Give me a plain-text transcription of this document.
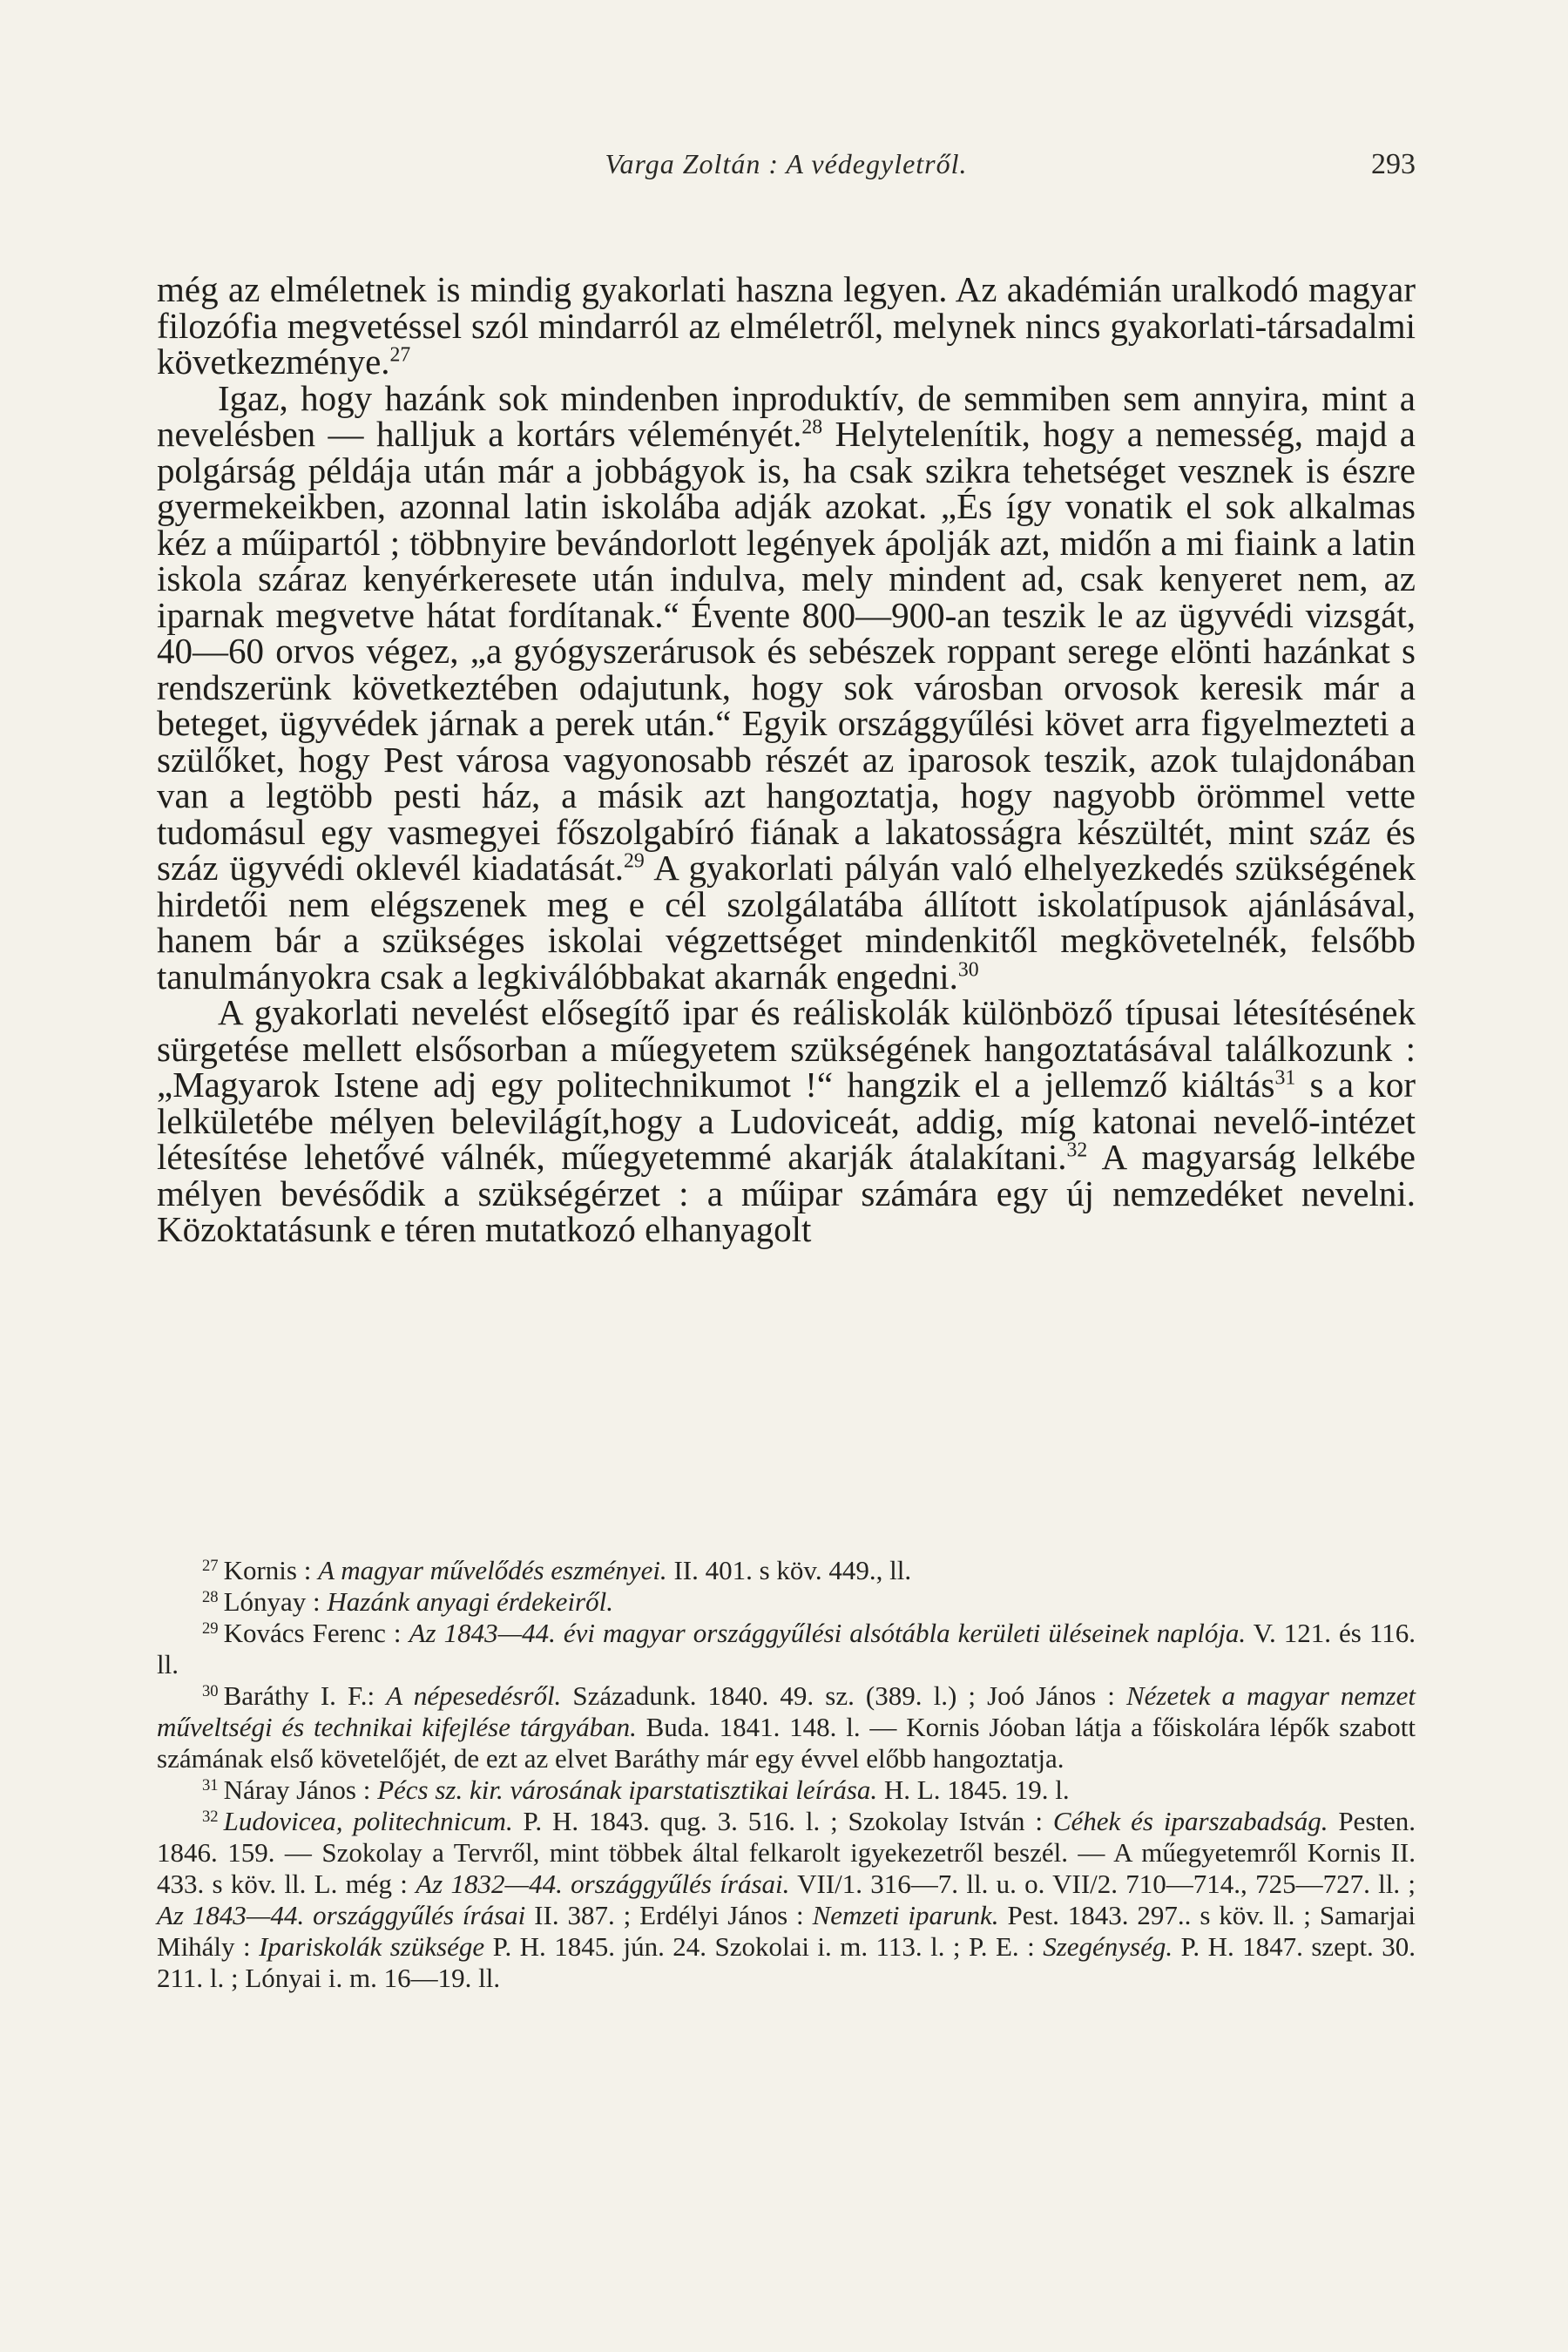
Varga Zoltán : A védegyletről.	293

még az elméletnek is mindig gyakorlati haszna legyen. Az akadémián uralkodó magyar filozófia megvetéssel szól mindarról az elméletről, melynek nincs gyakorlati-társadalmi következménye.$^{27}$

Igaz, hogy hazánk sok mindenben inproduktív, de semmiben sem annyira, mint a nevelésben — halljuk a kortárs véleményét.$^{28}$ Helytelenítik, hogy a nemesség, majd a polgárság példája után már a jobbágyok is, ha csak szikra tehetséget vesznek is észre gyermekeikben, azonnal latin iskolába adják azokat. „És így vonatik el sok alkalmas kéz a műipartól ; többnyire bevándorlott legények ápolják azt, midőn a mi fiaink a latin iskola száraz kenyérkeresete után indulva, mely mindent ad, csak kenyeret nem, az iparnak megvetve hátat fordítanak.“ Évente 800—900-an teszik le az ügyvédi vizsgát, 40—60 orvos végez, „a gyógyszerárusok és sebészek roppant serege elönti hazánkat s rendszerünk következtében odajutunk, hogy sok városban orvosok keresik már a beteget, ügyvédek járnak a perek után.“ Egyik országgyűlési követ arra figyelmezteti a szülőket, hogy Pest városa vagyonosabb részét az iparosok teszik, azok tulajdonában van a legtöbb pesti ház, a másik azt hangoztatja, hogy nagyobb örömmel vette tudomásul egy vasmegyei főszolgabíró fiának a lakatosságra készültét, mint száz és száz ügyvédi oklevél kiadatását.$^{29}$ A gyakorlati pályán való elhelyezkedés szükségének hirdetői nem elégszenek meg e cél szolgálatába állított iskolatípusok ajánlásával, hanem bár a szükséges iskolai végzettséget mindenkitől megkövetelnék, felsőbb tanulmányokra csak a legkiválóbbakat akarnák engedni.$^{30}$

A gyakorlati nevelést elősegítő ipar és reáliskolák különböző típusai létesítésének sürgetése mellett elsősorban a műegyetem szükségének hangoztatásával találkozunk : „Magyarok Istene adj egy politechnikumot !“ hangzik el a jellemző kiáltás$^{31}$ s a kor lelkületébe mélyen belevilágít,hogy a Ludoviceát, addig, míg katonai nevelő-intézet létesítése lehetővé válnék, műegyetemmé akarják átalakítani.$^{32}$ A magyarság lelkébe mélyen bevésődik a szükségérzet : a műipar számára egy új nemzedéket nevelni. Közoktatásunk e téren mutatkozó elhanyagolt

$^{27}$ Kornis : A magyar művelődés eszményei. II. 401. s köv. 449., ll.

$^{28}$ Lónyay : Hazánk anyagi érdekeiről.

$^{29}$ Kovács Ferenc : Az 1843—44. évi magyar országgyűlési alsótábla kerületi üléseinek naplója. V. 121. és 116. ll.

$^{30}$ Baráthy I. F.: A népesedésről. Századunk. 1840. 49. sz. (389. l.) ; Joó János : Nézetek a magyar nemzet műveltségi és technikai kifejlése tárgyában. Buda. 1841. 148. l. — Kornis Jóoban látja a főiskolára lépők szabott számának első követelőjét, de ezt az elvet Baráthy már egy évvel előbb hangoztatja.

$^{31}$ Náray János : Pécs sz. kir. városának iparstatisztikai leírása. H. L. 1845. 19. l.

$^{32}$ Ludovicea, politechnicum. P. H. 1843. qug. 3. 516. l. ; Szokolay István : Céhek és iparszabadság. Pesten. 1846. 159. — Szokolay a Tervről, mint többek által felkarolt igyekezetről beszél. — A műegyetemről Kornis II. 433. s köv. ll. L. még : Az 1832—44. országgyűlés írásai. VII/1. 316—7. ll. u. o. VII/2. 710—714., 725—727. ll. ; Az 1843—44. országgyűlés írásai II. 387. ; Erdélyi János : Nemzeti iparunk. Pest. 1843. 297.. s köv. ll. ; Samarjai Mihály : Ipariskolák szüksége P. H. 1845. jún. 24. Szokolai i. m. 113. l. ; P. E. : Szegénység. P. H. 1847. szept. 30. 211. l. ; Lónyai i. m. 16—19. ll.
